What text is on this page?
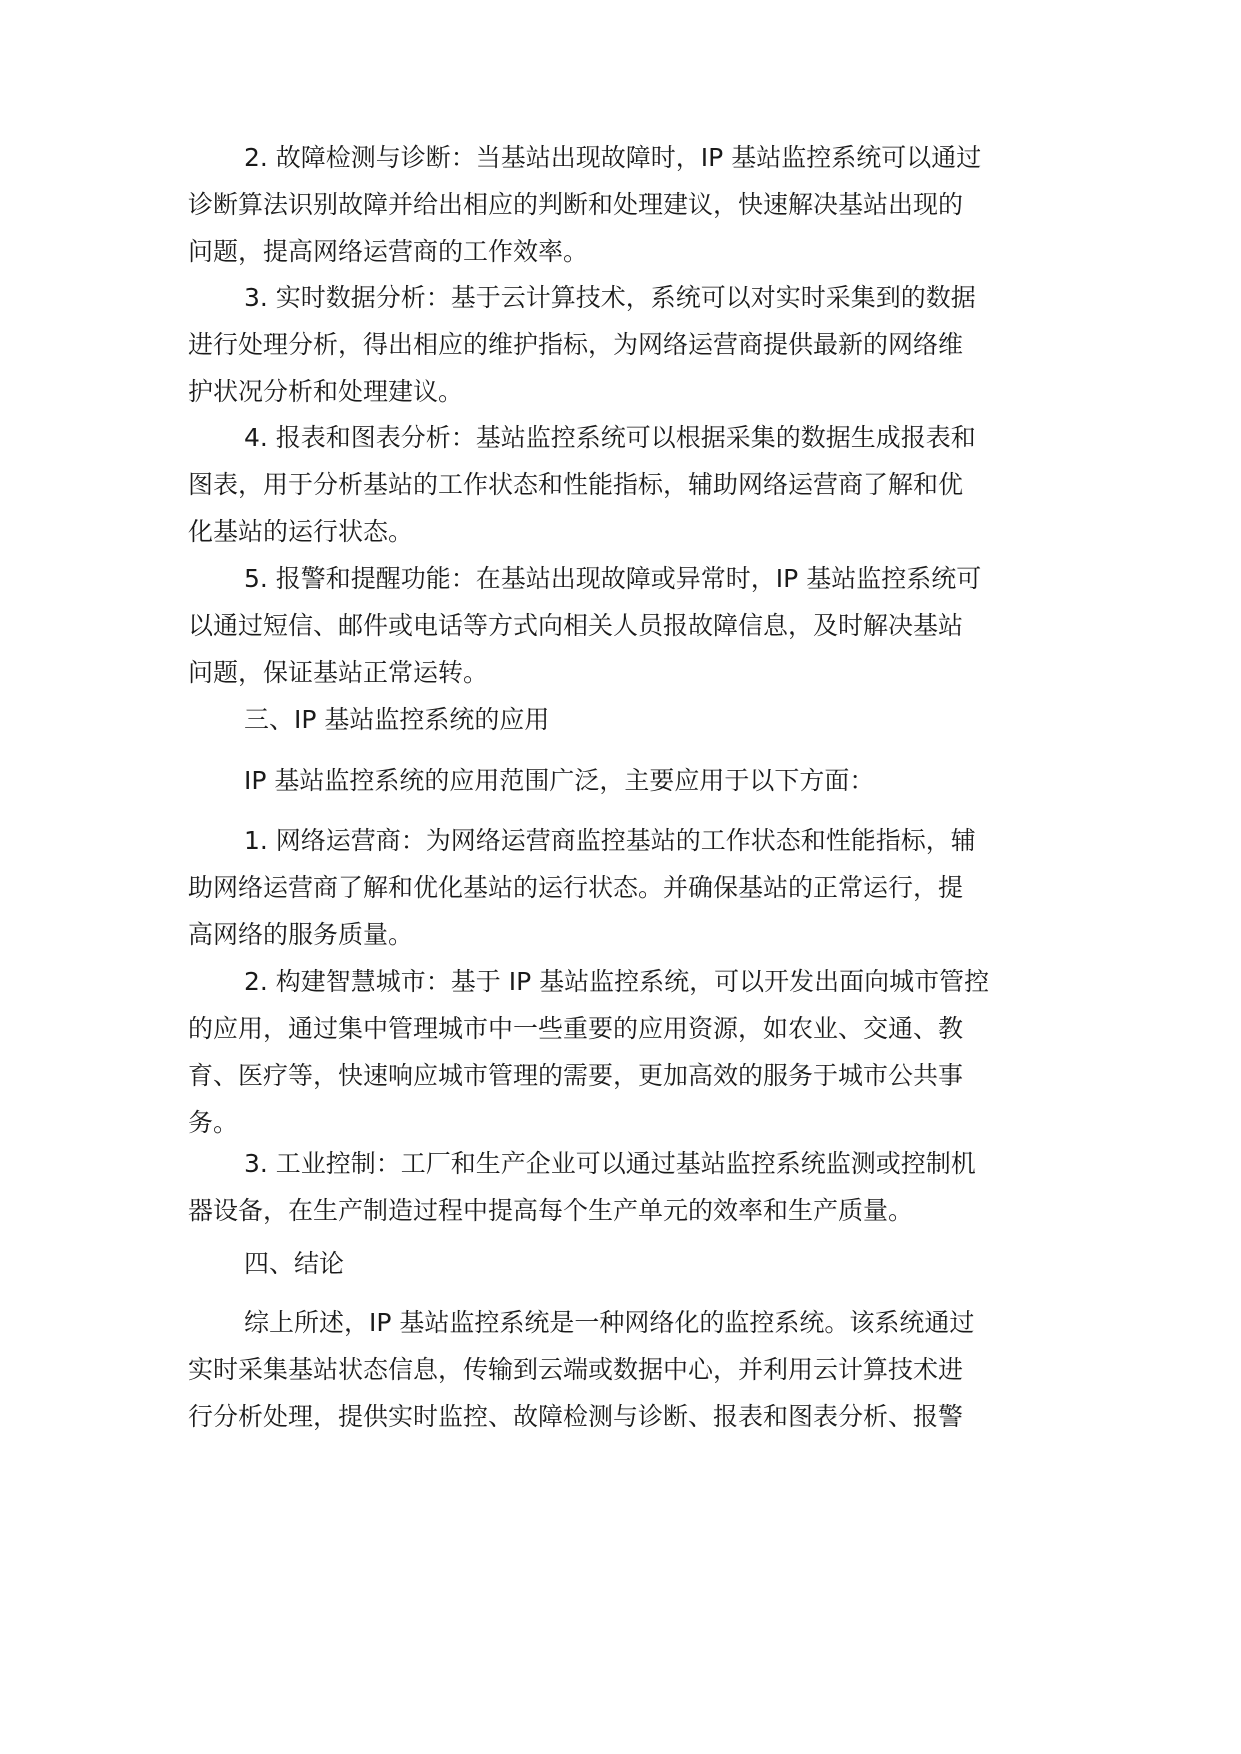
2. 故障检测与诊断：当基站出现故障时，IP 基站监控系统可以通过
诊断算法识别故障并给出相应的判断和处理建议，快速解决基站出现的
问题，提高网络运营商的工作效率。
3. 实时数据分析：基于云计算技术，系统可以对实时采集到的数据
进行处理分析，得出相应的维护指标，为网络运营商提供最新的网络维
护状况分析和处理建议。
4. 报表和图表分析：基站监控系统可以根据采集的数据生成报表和
图表，用于分析基站的工作状态和性能指标，辅助网络运营商了解和优
化基站的运行状态。
5. 报警和提醒功能：在基站出现故障或异常时，IP 基站监控系统可
以通过短信、邮件或电话等方式向相关人员报故障信息，及时解决基站
问题，保证基站正常运转。
三、IP 基站监控系统的应用
IP 基站监控系统的应用范围广泛，主要应用于以下方面：
1. 网络运营商：为网络运营商监控基站的工作状态和性能指标，辅
助网络运营商了解和优化基站的运行状态。并确保基站的正常运行，提
高网络的服务质量。
2. 构建智慧城市：基于 IP 基站监控系统，可以开发出面向城市管控
的应用，通过集中管理城市中一些重要的应用资源，如农业、交通、教
育、医疗等，快速响应城市管理的需要，更加高效的服务于城市公共事
务。
3. 工业控制：工厂和生产企业可以通过基站监控系统监测或控制机
器设备，在生产制造过程中提高每个生产单元的效率和生产质量。
四、结论
综上所述，IP 基站监控系统是一种网络化的监控系统。该系统通过
实时采集基站状态信息，传输到云端或数据中心，并利用云计算技术进
行分析处理，提供实时监控、故障检测与诊断、报表和图表分析、报警
